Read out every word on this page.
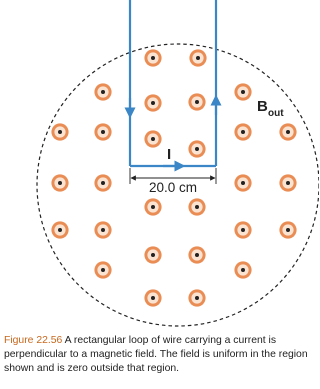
I
20.0 cm
B out
Figure 22.56 A rectangular loop of wire carrying a current is perpendicular to a magnetic field. The field is uniform in the region shown and is zero outside that region.
